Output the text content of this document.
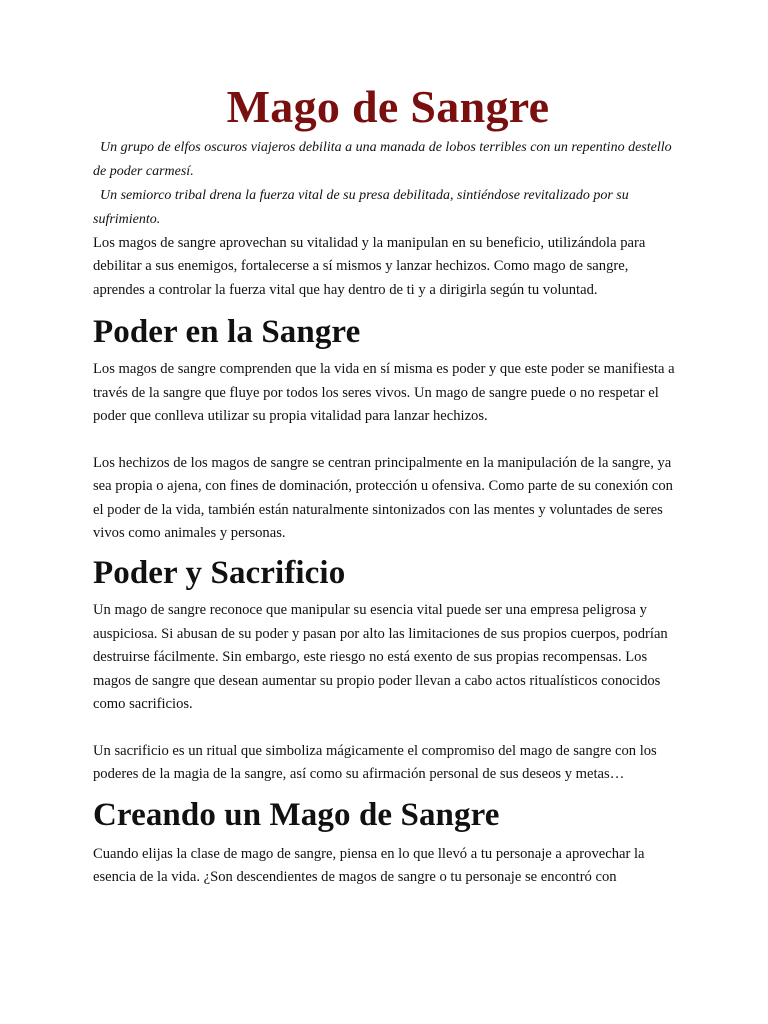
Mago de Sangre

Un grupo de elfos oscuros viajeros debilita a una manada de lobos terribles con un repentino destello de poder carmesí.

Un semiorco tribal drena la fuerza vital de su presa debilitada, sintiéndose revitalizado por su sufrimiento.

Los magos de sangre aprovechan su vitalidad y la manipulan en su beneficio, utilizándola para debilitar a sus enemigos, fortalecerse a sí mismos y lanzar hechizos. Como mago de sangre, aprendes a controlar la fuerza vital que hay dentro de ti y a dirigirla según tu voluntad.

Poder en la Sangre

Los magos de sangre comprenden que la vida en sí misma es poder y que este poder se manifiesta a través de la sangre que fluye por todos los seres vivos. Un mago de sangre puede o no respetar el poder que conlleva utilizar su propia vitalidad para lanzar hechizos.

Los hechizos de los magos de sangre se centran principalmente en la manipulación de la sangre, ya sea propia o ajena, con fines de dominación, protección u ofensiva. Como parte de su conexión con el poder de la vida, también están naturalmente sintonizados con las mentes y voluntades de seres vivos como animales y personas.

Poder y Sacrificio

Un mago de sangre reconoce que manipular su esencia vital puede ser una empresa peligrosa y auspiciosa. Si abusan de su poder y pasan por alto las limitaciones de sus propios cuerpos, podrían destruirse fácilmente. Sin embargo, este riesgo no está exento de sus propias recompensas. Los magos de sangre que desean aumentar su propio poder llevan a cabo actos ritualísticos conocidos como sacrificios.

Un sacrificio es un ritual que simboliza mágicamente el compromiso del mago de sangre con los poderes de la magia de la sangre, así como su afirmación personal de sus deseos y metas…

Creando un Mago de Sangre

Cuando elijas la clase de mago de sangre, piensa en lo que llevó a tu personaje a aprovechar la esencia de la vida. ¿Son descendientes de magos de sangre o tu personaje se encontró con
